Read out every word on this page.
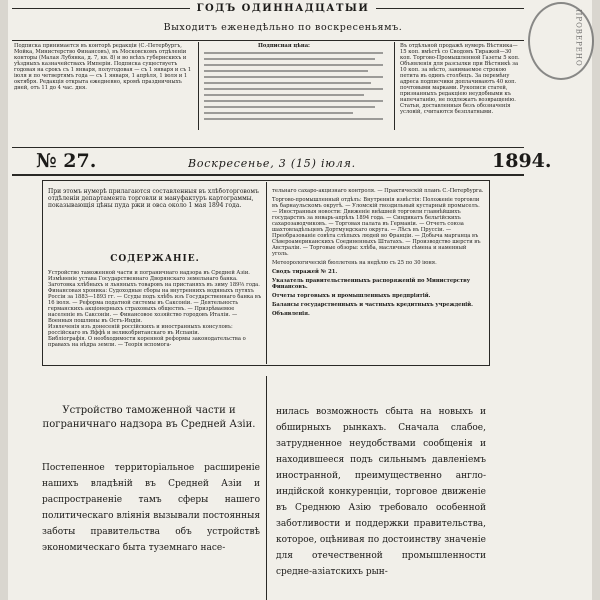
ГОДЪ ОДИННАДЦАТЫЙ
Выходитъ еженедѣльно по воскресеньямъ.
Подписка принимается въ конторѣ редакціи (С.-Петербургъ, Мойка, Министерство Финансовъ), въ Московскомъ отдѣленіи конторы (Малая Лубянка, д. 7, кв. 8) и во всѣхъ губернскихъ и уѣздныхъ казначействахъ Имперіи. Подписка существуетъ годовая на срокъ съ 1 января, полугодовая — съ 1 января и съ 1 іюля и по четвертямъ года — съ 1 января, 1 апрѣля, 1 іюля и 1 октября. Редакція открыта ежедневно, кромѣ праздничныхъ дней, отъ 11 до 4 час. дня.
Подписная цѣна:	Въ отдѣльной продажѣ нумеръ Вѣстника—15 коп. вмѣстѣ со Сводомъ Тиражей—30 коп. Торгово-Промышленной Газеты 5 коп. Объявленія для разсылки при Вѣстникѣ за 10 коп. за мѣсто, занимаемое строкою петита въ одинъ столбецъ. За перемѣну адреса подписчики доплачиваютъ 40 коп. почтовыми марками. Рукописи статей, признанныхъ редакціею неудобными къ напечатанію, не подлежатъ возвращенію. Статьи, доставленныя безъ обозначенія условій, считаются безплатными.
№ 27.	Воскресенье, 3 (15) іюля.	1894.
При этомъ нумерѣ прилагаются составленныя въ хлѣботорговомъ отдѣленіи департамента торговли и мануфактуръ картограммы, показывающія цѣны пудa ржи и овса около 1 мая 1894 года.
СОДЕРЖАНІЕ.
Устройство таможенной части и пограничнаго надзора въ Средней Азіи.
Измѣненіе устава Государственнаго Дворянскаго земельнаго банка.
Заготовка хлѣбныхъ и льняныхъ товаровъ на пристаняхъ въ зиму 189⅔ года.
Финансовая хроника: Судоходные сборы на внутреннихъ водяныхъ путяхъ Россіи за 1883—1893 гг. — Ссуды подъ хлѣбъ изъ Государственнаго банка въ 16 іюля. — Реформа податной системы въ Саксоніи. — Деятельность германскихъ акціонерныхъ страховыхъ обществъ. — Призрѣваемое населеніе въ Саксоніи. — Финансовое хозяйство городовъ Италіи. — Военныя пошлины въ Остъ-Индіи.
Извлеченія изъ донесеній россійскихъ и иностранныхъ консуловъ: россійскаго въ Яффѣ и великобританскаго въ Испаніи.
Библіографія. О необходимости коренной реформы законодательства о правахъ на нѣдра земли. — Теорія вспомога-
тельнаго сахаро-акцизнаго контроля. — Практическій планъ С.-Петербурга.
Торгово-промышленный отдѣлъ: Внутреннія извѣстія: Положеніе торговли въ барнаульскомъ округѣ. — Уломскій гвоздильный кустарный промыселъ. — Иностранныя новости: Движеніе внѣшней торговли главнѣйшихъ государствъ за январь-апрѣль 1894 года. — Синдикатъ бельгійскихъ сахарозаводчиковъ. — Торговая палата въ Германіи. — Отчетъ союза шахтовладѣльцевъ Дортмундскаго округа. — Лѣсъ въ Пруссіи. — Преобразованіе совѣта слѣпыхъ людей во Франціи. — Добыча марганца въ Сѣвероамериканскихъ Соединенныхъ Штатахъ. — Производство шерсти въ Австраліи. — Торговые обзоры: хлѣба, масличныя сѣмена и наменный уголь.
Метеорологическій бюллетень на недѣлю съ 25 по 30 іюня.
Сводъ тиражей № 21.
Указатель правительственныхъ распоряженій по Министерству Финансовъ.
Отчеты торговыхъ и промышленныхъ предпріятій.
Балансы государственныхъ и частныхъ кредитныхъ учрежденій.
Объявленія.
Устройство таможенной части и пограничнаго надзора въ Средней Азіи.
Постепенное территоріальное расширеніе нашихъ владѣній въ Средней Азіи и распространеніе тамъ сферы нашего политическаго вліянія вызывали постоянныя заботы правительства объ устройствѣ экономическаго быта туземнаго насе-
нилась возможность сбыта на новыхъ и обширныхъ рынкахъ. Сначала слабое, затрудненное неудобствами сообщенія и находившееся подъ сильнымъ давленіемъ иностранной, преимущественно англо-индійской конкуренціи, торговое движеніе въ Среднюю Азію требовало особенной заботливости и поддержки правительства, которое, оцѣнивая по достоинству значеніе для отечественной промышленности средне-азіатскихъ рын-
ПРОВЕРЕНО
